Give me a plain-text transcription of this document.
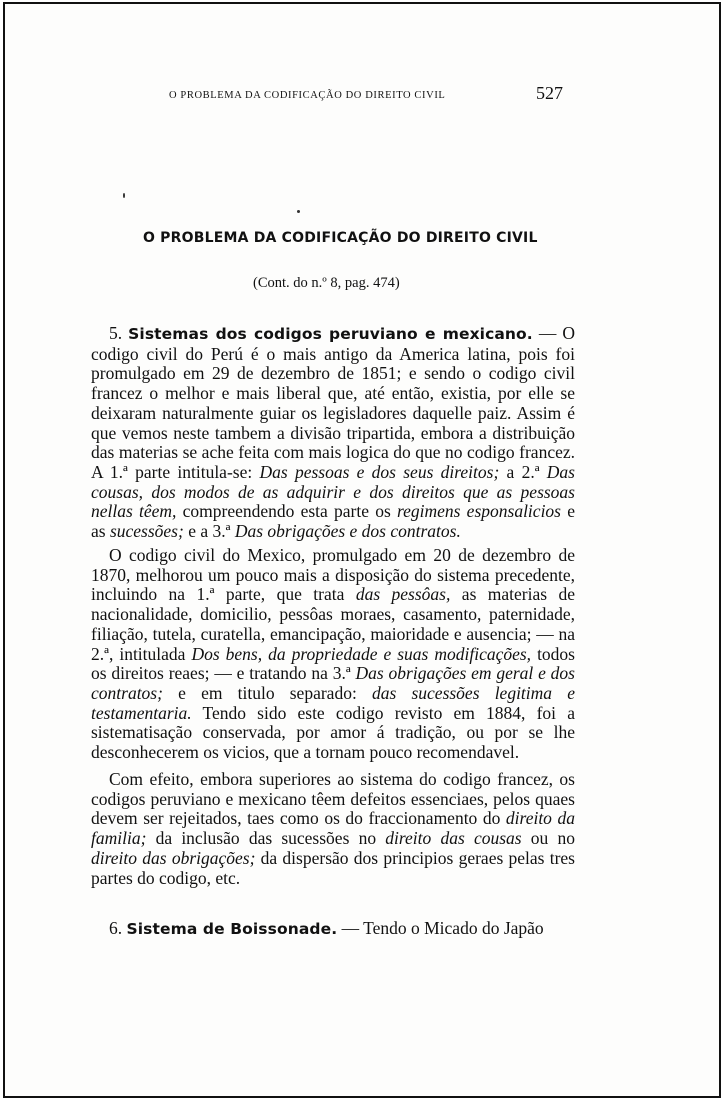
O PROBLEMA DA CODIFICAÇÃO DO DIREITO CIVIL	527
O PROBLEMA DA CODIFICAÇÃO DO DIREITO CIVIL
(Cont. do n.º 8, pag. 474)

5. Sistemas dos codigos peruviano e mexicano. — O codigo civil do Perú é o mais antigo da America latina, pois foi promulgado em 29 de dezembro de 1851; e sendo o codigo civil francez o melhor e mais liberal que, até então, existia, por elle se deixaram naturalmente guiar os legisladores daquelle paiz. Assim é que vemos neste tambem a divisão tripartida, embora a distribuição das materias se ache feita com mais logica do que no codigo francez. A 1.ª parte intitula-se: Das pessoas e dos seus direitos; a 2.ª Das cousas, dos modos de as adquirir e dos direitos que as pessoas nellas têem, compreendendo esta parte os regimens esponsalicios e as sucessões; e a 3.ª Das obrigações e dos contratos.

O codigo civil do Mexico, promulgado em 20 de dezembro de 1870, melhorou um pouco mais a disposição do sistema precedente, incluindo na 1.ª parte, que trata das pessôas, as materias de nacionalidade, domicilio, pessôas moraes, casamento, paternidade, filiação, tutela, curatella, emancipação, maioridade e ausencia; — na 2.ª, intitulada Dos bens, da propriedade e suas modificações, todos os direitos reaes; — e tratando na 3.ª Das obrigações em geral e dos contratos; e em titulo separado: das sucessões legitima e testamentaria. Tendo sido este codigo revisto em 1884, foi a sistematisação conservada, por amor á tradição, ou por se lhe desconhecerem os vicios, que a tornam pouco recomendavel.

Com efeito, embora superiores ao sistema do codigo francez, os codigos peruviano e mexicano têem defeitos essenciaes, pelos quaes devem ser rejeitados, taes como os do fraccionamento do direito da familia; da inclusão das sucessões no direito das cousas ou no direito das obrigações; da dispersão dos principios geraes pelas tres partes do codigo, etc.

6. Sistema de Boissonade. — Tendo o Micado do Japão
